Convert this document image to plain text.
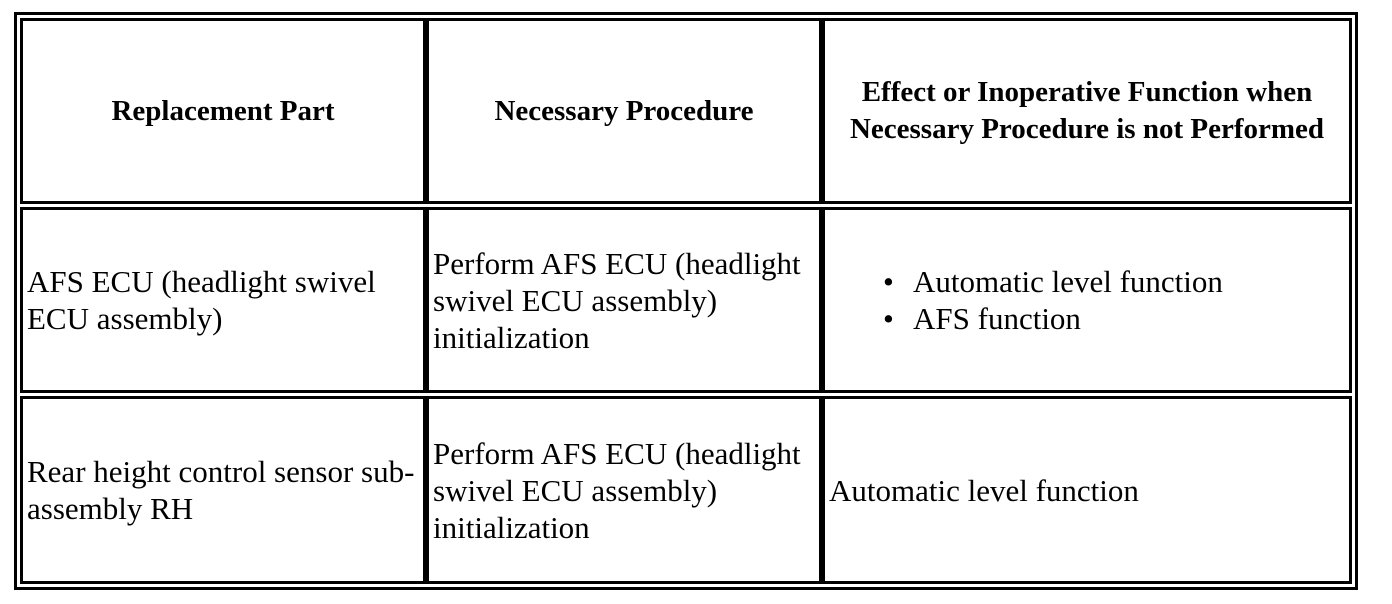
Replacement Part	Necessary Procedure
Effect or Inoperative Function when Necessary Procedure is not Performed
AFS ECU (headlight swivel ECU assembly)
Perform AFS ECU (headlight swivel ECU assembly) initialization
• Automatic level function
• AFS function
Rear height control sensor sub-assembly RH
Perform AFS ECU (headlight swivel ECU assembly) initialization
Automatic level function
